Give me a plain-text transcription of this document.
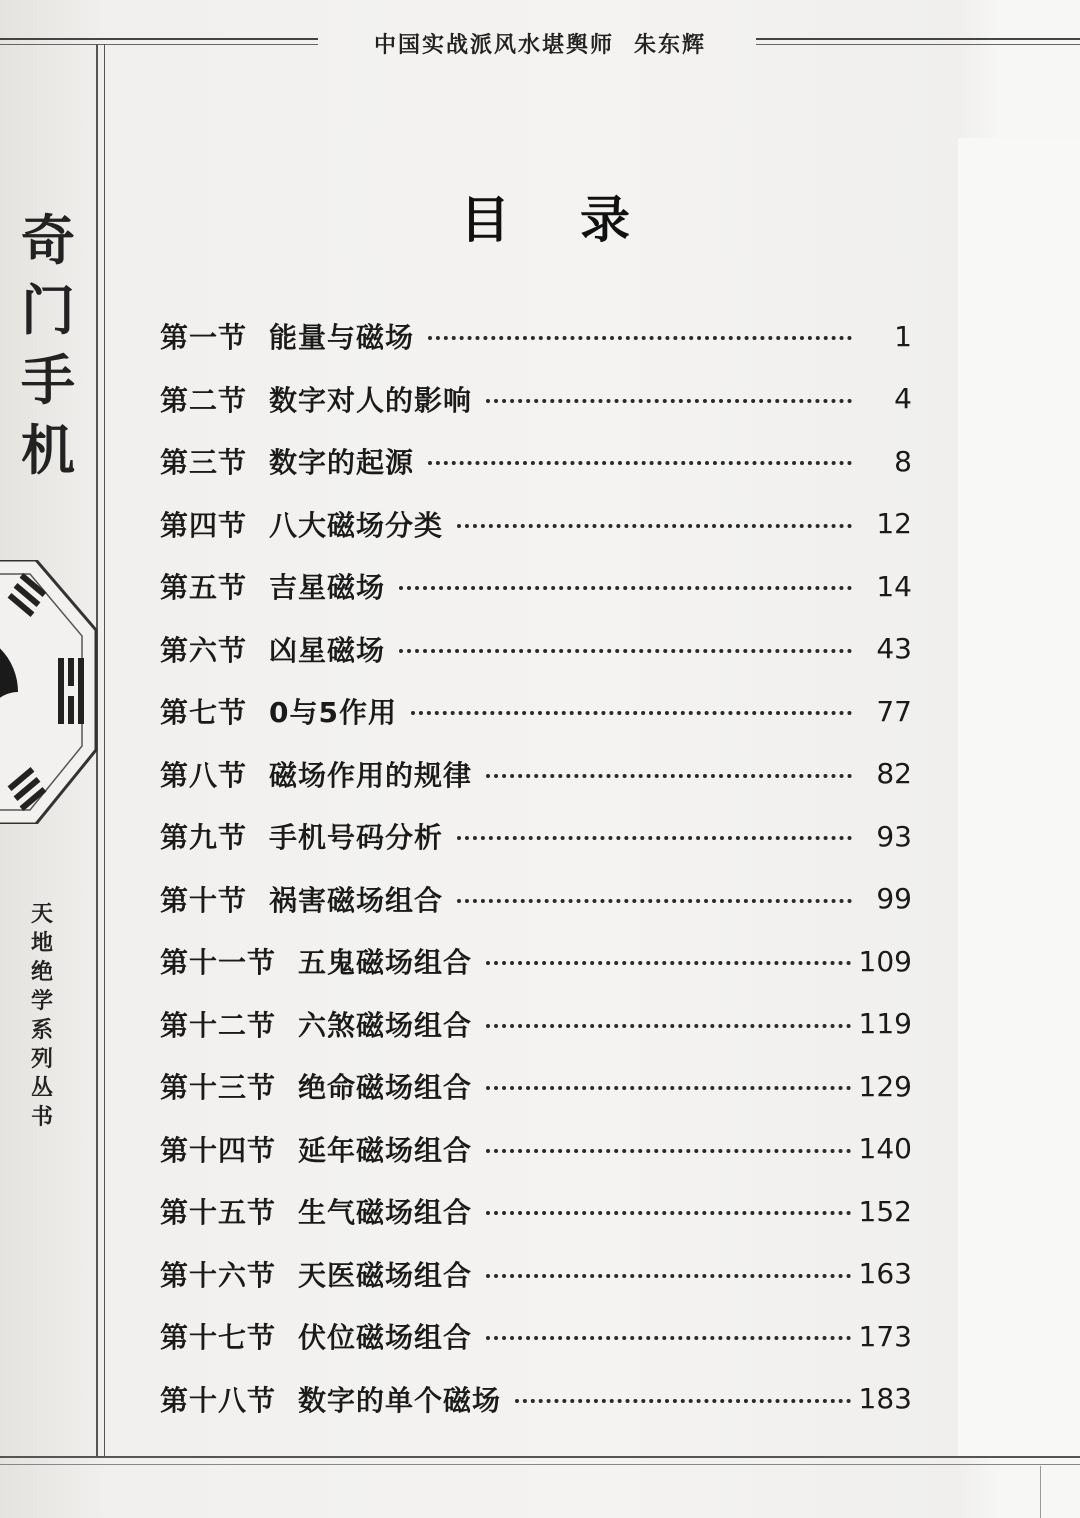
中国实战派风水堪舆师 朱东辉
奇
门
手
机
天
地
绝
学
系
列
丛
书
目 录
第一节 能量与磁场	1
第二节 数字对人的影响	4
第三节 数字的起源	8
第四节 八大磁场分类	12
第五节 吉星磁场	14
第六节 凶星磁场	43
第七节 0与5作用	77
第八节 磁场作用的规律	82
第九节 手机号码分析	93
第十节 祸害磁场组合	99
第十一节 五鬼磁场组合	109
第十二节 六煞磁场组合	119
第十三节 绝命磁场组合	129
第十四节 延年磁场组合	140
第十五节 生气磁场组合	152
第十六节 天医磁场组合	163
第十七节 伏位磁场组合	173
第十八节 数字的单个磁场	183
